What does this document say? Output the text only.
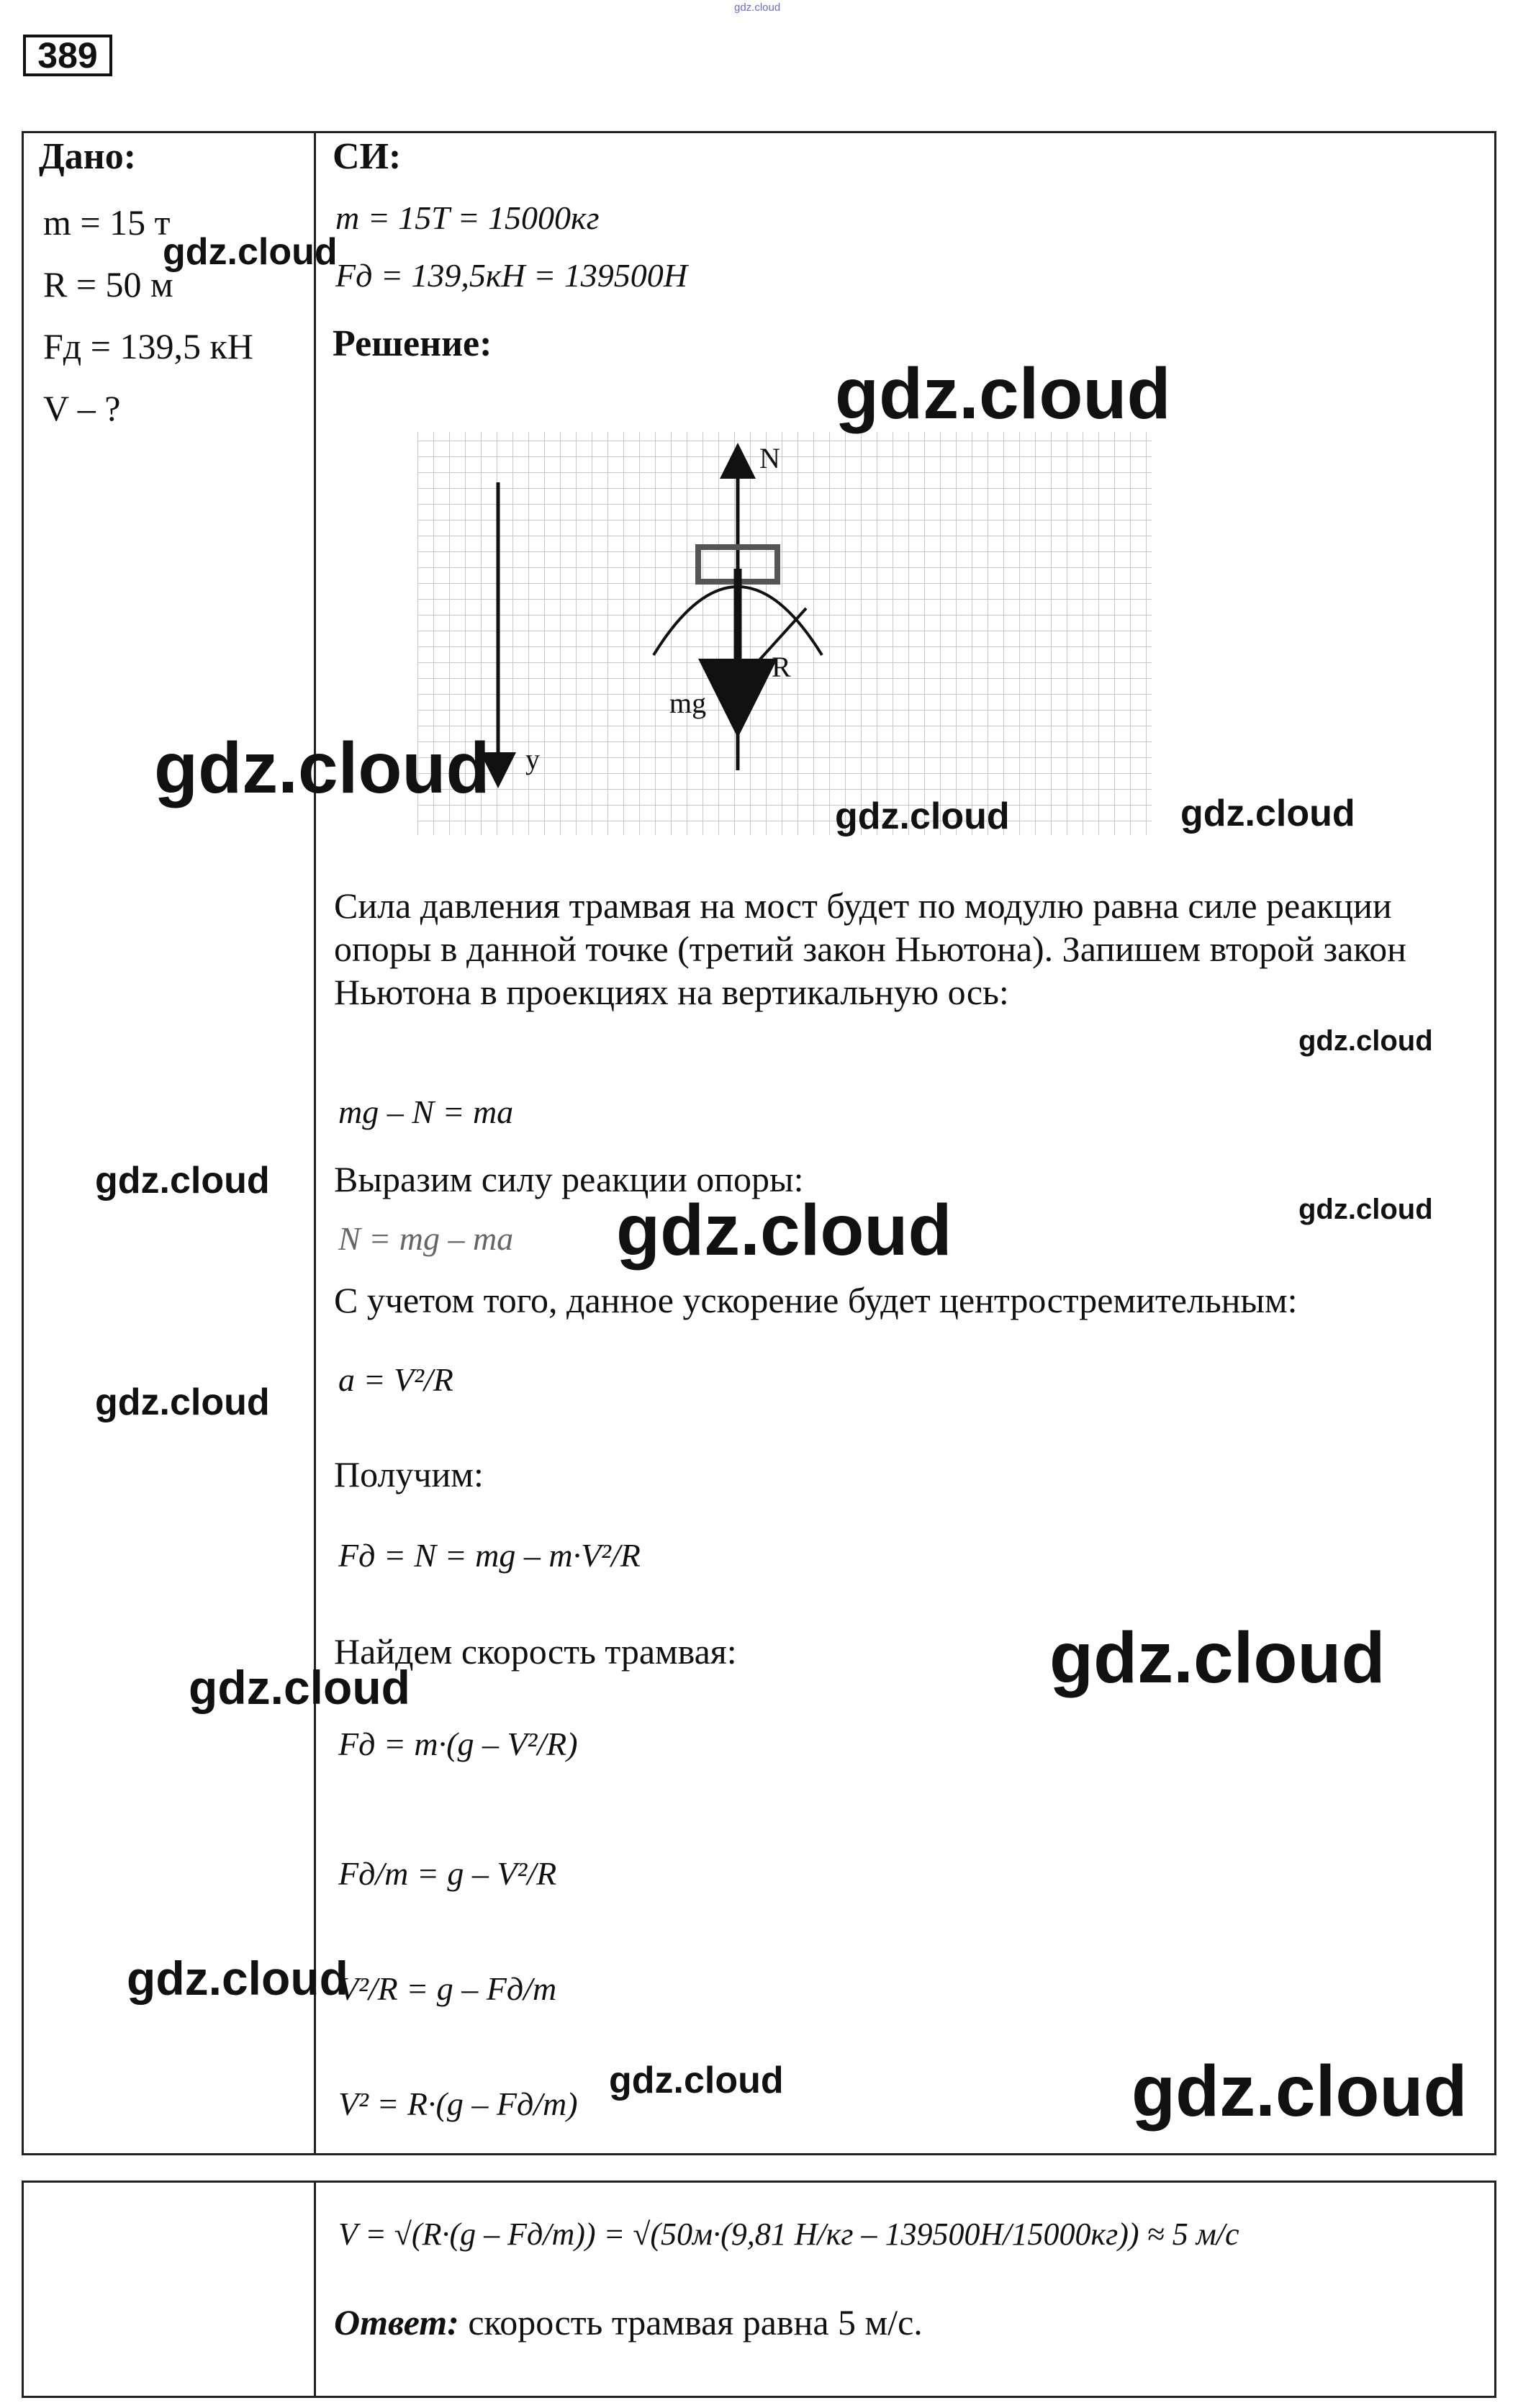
gdz.cloud
389
Дано:
m = 15 т
R = 50 м
Fд = 139,5 кН
V – ?
СИ:
m = 15T = 15000кг
Fд = 139,5кН = 139500Н
Решение:
N
R
mg
y
Сила давления трамвая на мост будет по модулю равна силе реакции опоры в данной точке (третий закон Ньютона). Запишем второй закон Ньютона в проекциях на вертикальную ось:
mg – N = ma
Выразим силу реакции опоры:
N = mg – ma
С учетом того, данное ускорение будет центростремительным:
a = V²/R
Получим:
Fд = N = mg – m·V²/R
Найдем скорость трамвая:
Fд = m·(g – V²/R)
Fд/m = g – V²/R
V²/R = g – Fд/m
V² = R·(g – Fд/m)
V = √(R·(g – Fд/m)) = √(50м·(9,81 Н/кг – 139500Н/15000кг)) ≈ 5 м/с
Ответ: скорость трамвая равна 5 м/с.
gdz.cloud
gdz.cloud
gdz.cloud
gdz.cloud	gdz.cloud
gdz.cloud
gdz.cloud
gdz.cloud
gdz.cloud
gdz.cloud
gdz.cloud	gdz.cloud
gdz.cloud
gdz.cloud	gdz.cloud
